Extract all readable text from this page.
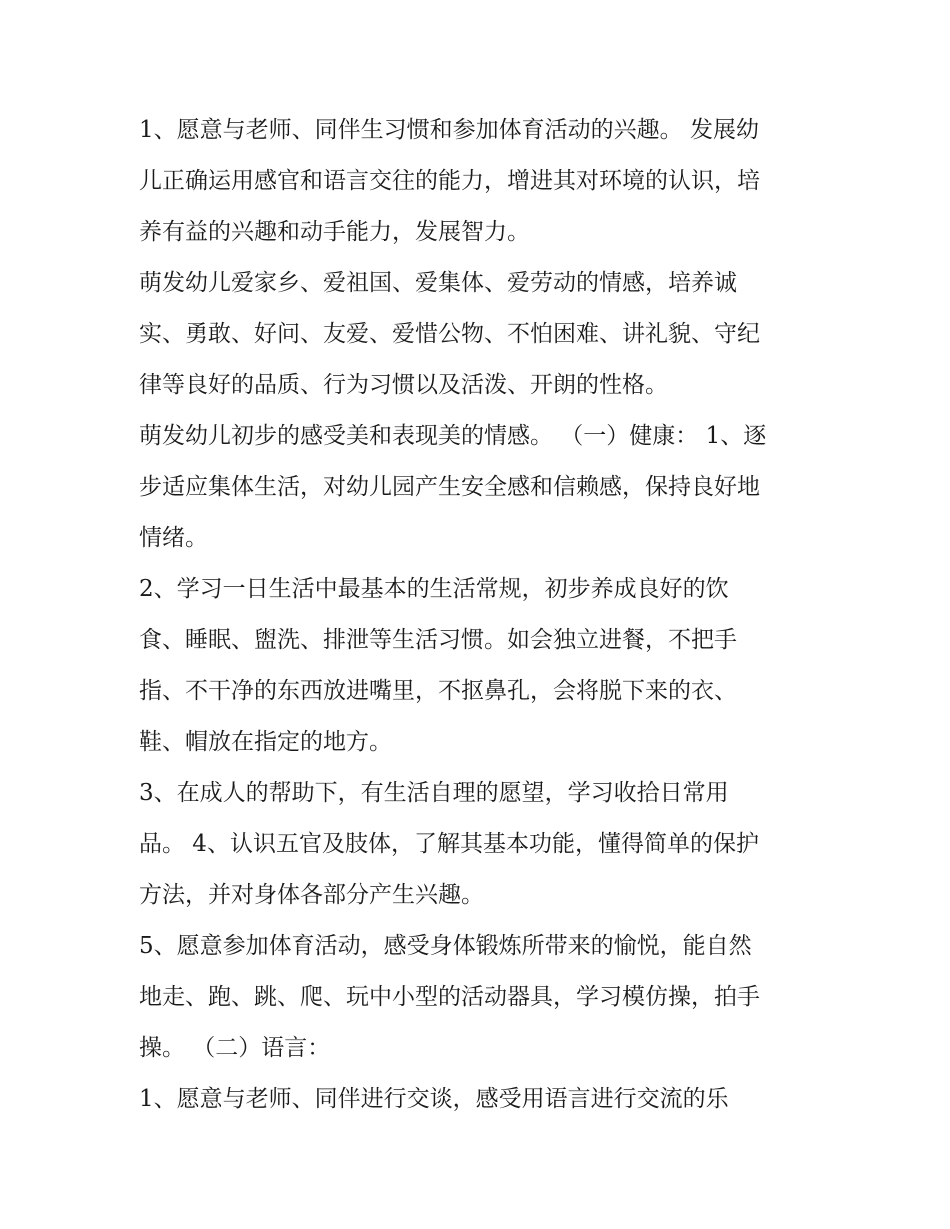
1、愿意与老师、同伴生习惯和参加体育活动的兴趣。 发展幼
儿正确运用感官和语言交往的能力，增进其对环境的认识，培
养有益的兴趣和动手能力，发展智力。

萌发幼儿爱家乡、爱祖国、爱集体、爱劳动的情感，培养诚
实、勇敢、好问、友爱、爱惜公物、不怕困难、讲礼貌、守纪
律等良好的品质、行为习惯以及活泼、开朗的性格。

萌发幼儿初步的感受美和表现美的情感。 （一）健康： 1、逐
步适应集体生活，对幼儿园产生安全感和信赖感，保持良好地
情绪。

2、学习一日生活中最基本的生活常规，初步养成良好的饮
食、睡眠、盥洗、排泄等生活习惯。如会独立进餐，不把手
指、不干净的东西放进嘴里，不抠鼻孔，会将脱下来的衣、
鞋、帽放在指定的地方。

3、在成人的帮助下，有生活自理的愿望，学习收拾日常用
品。 4、认识五官及肢体，了解其基本功能，懂得简单的保护
方法，并对身体各部分产生兴趣。

5、愿意参加体育活动，感受身体锻炼所带来的愉悦，能自然
地走、跑、跳、爬、玩中小型的活动器具，学习模仿操，拍手
操。 （二）语言：

1、愿意与老师、同伴进行交谈，感受用语言进行交流的乐
